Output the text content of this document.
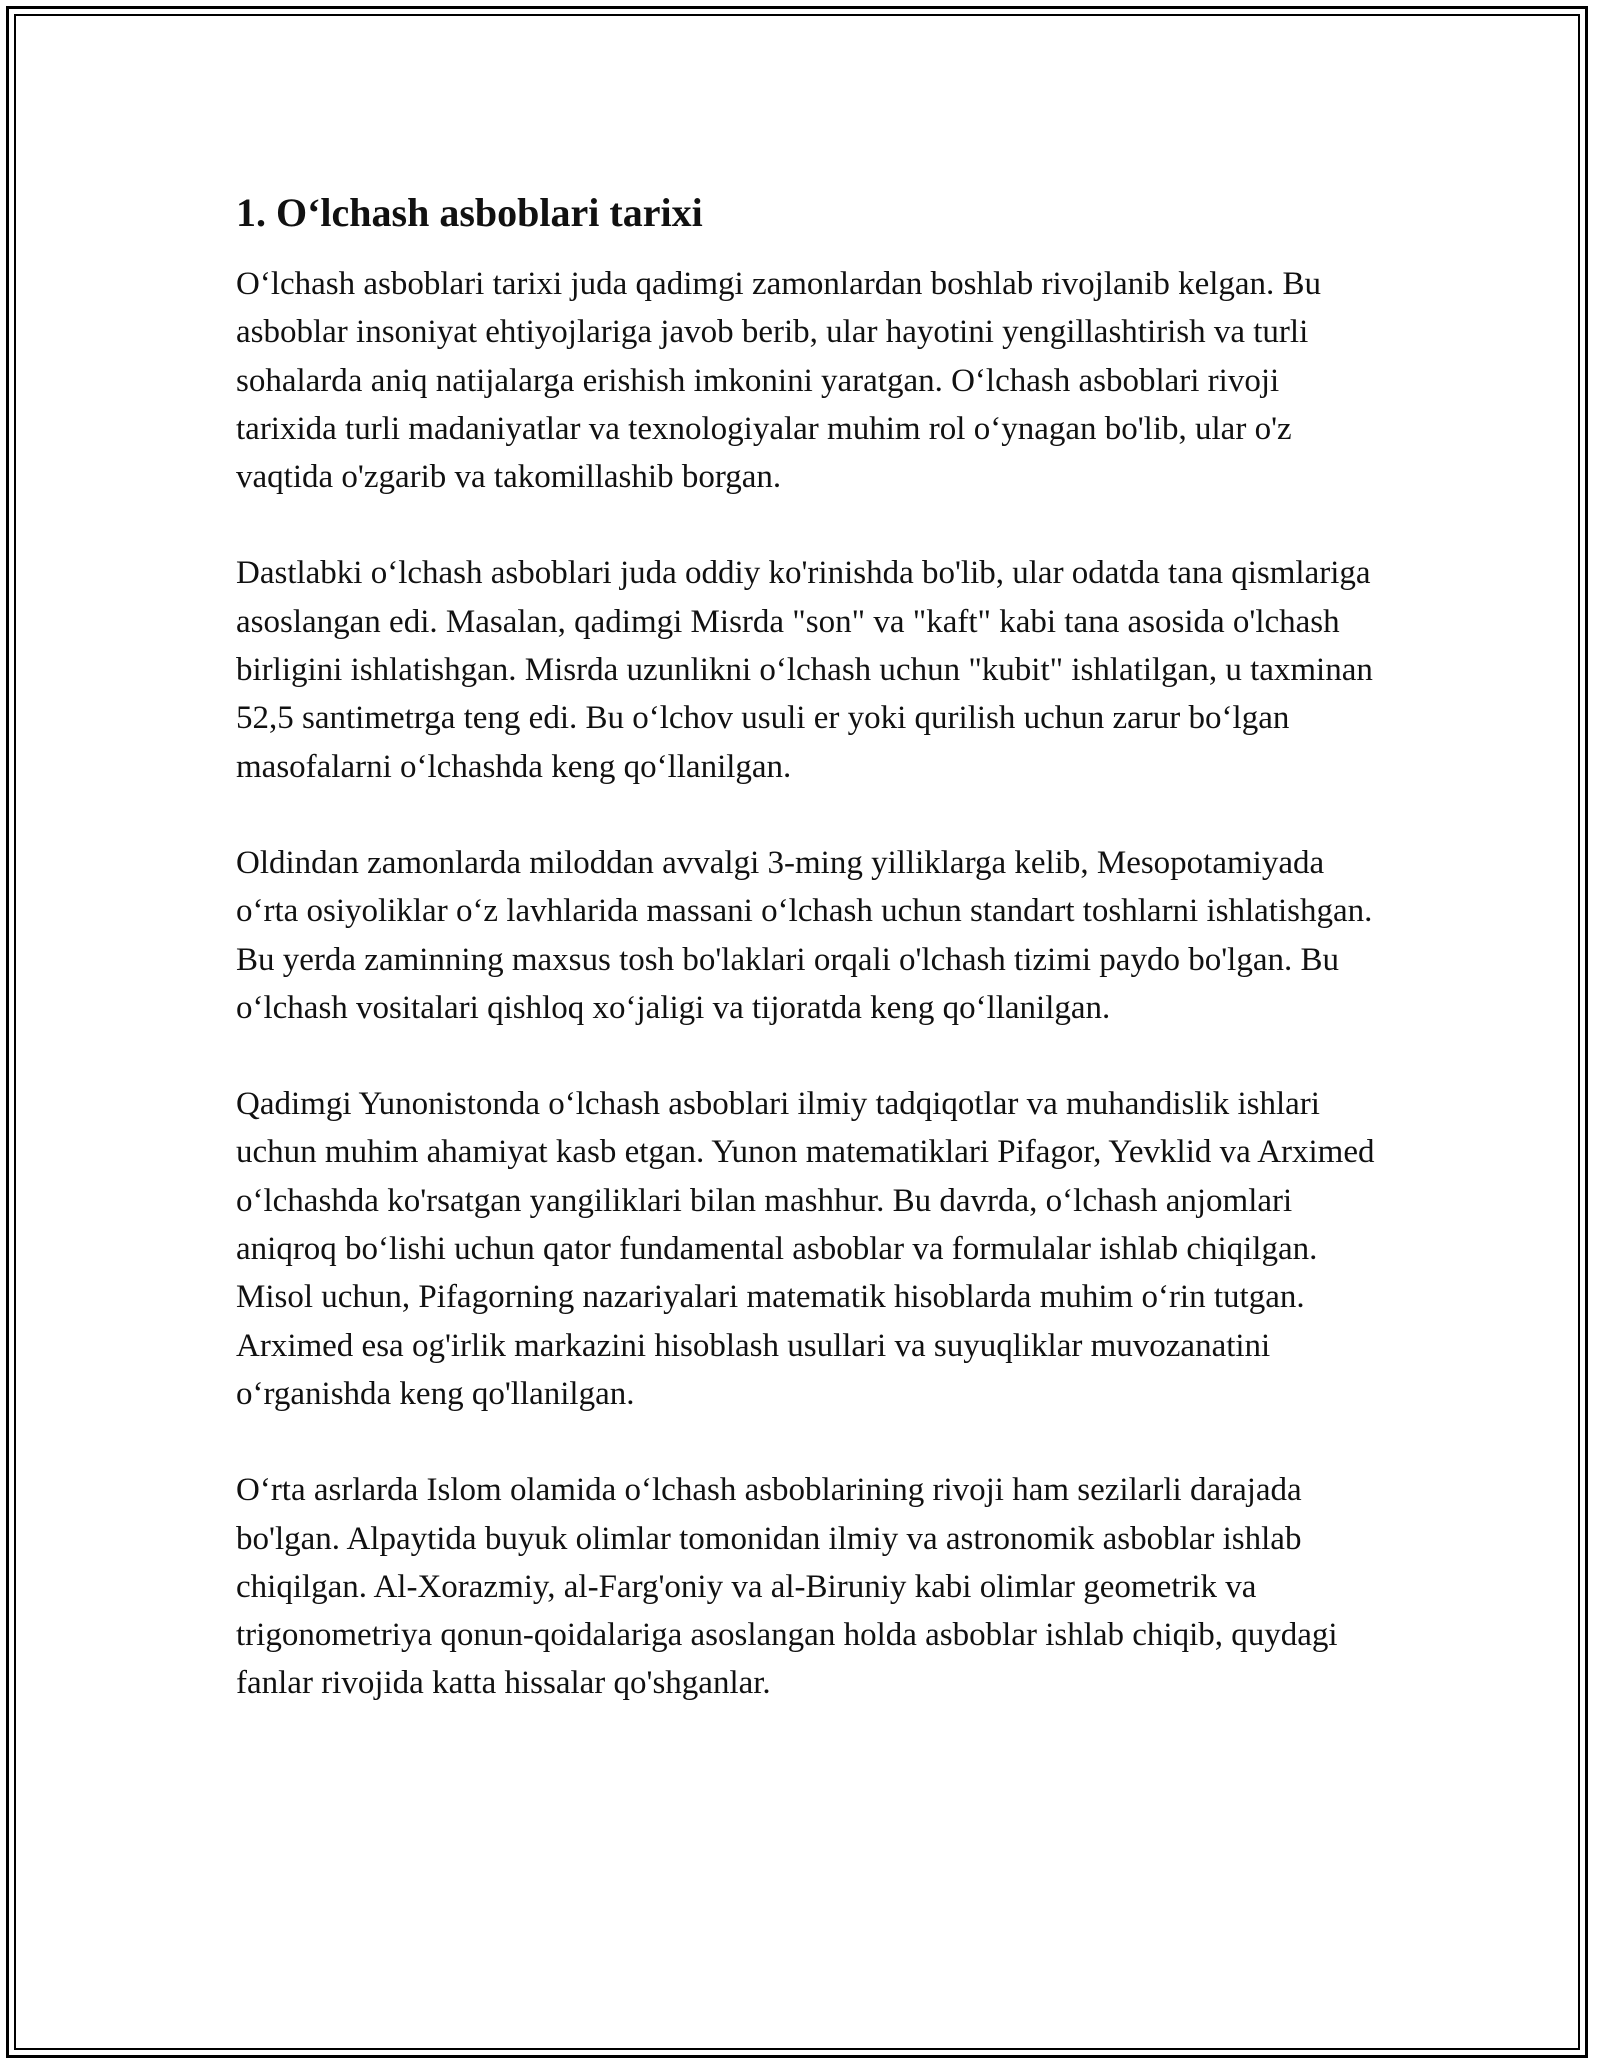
1. O‘lchash asboblari tarixi

O‘lchash asboblari tarixi juda qadimgi zamonlardan boshlab rivojlanib kelgan. Bu asboblar insoniyat ehtiyojlariga javob berib, ular hayotini yengillashtirish va turli sohalarda aniq natijalarga erishish imkonini yaratgan. O‘lchash asboblari rivoji tarixida turli madaniyatlar va texnologiyalar muhim rol o‘ynagan bo'lib, ular o'z vaqtida o'zgarib va takomillashib borgan.

Dastlabki o‘lchash asboblari juda oddiy ko'rinishda bo'lib, ular odatda tana qismlariga asoslangan edi. Masalan, qadimgi Misrda "son" va "kaft" kabi tana asosida o'lchash birligini ishlatishgan. Misrda uzunlikni o‘lchash uchun "kubit" ishlatilgan, u taxminan 52,5 santimetrga teng edi. Bu o‘lchov usuli er yoki qurilish uchun zarur bo‘lgan masofalarni o‘lchashda keng qo‘llanilgan.

Oldindan zamonlarda miloddan avvalgi 3-ming yilliklarga kelib, Mesopotamiyada o‘rta osiyoliklar o‘z lavhlarida massani o‘lchash uchun standart toshlarni ishlatishgan. Bu yerda zaminning maxsus tosh bo'laklari orqali o'lchash tizimi paydo bo'lgan. Bu o‘lchash vositalari qishloq xo‘jaligi va tijoratda keng qo‘llanilgan.

Qadimgi Yunonistonda o‘lchash asboblari ilmiy tadqiqotlar va muhandislik ishlari uchun muhim ahamiyat kasb etgan. Yunon matematiklari Pifagor, Yevklid va Arximed o‘lchashda ko'rsatgan yangiliklari bilan mashhur. Bu davrda, o‘lchash anjomlari aniqroq bo‘lishi uchun qator fundamental asboblar va formulalar ishlab chiqilgan. Misol uchun, Pifagorning nazariyalari matematik hisoblarda muhim o‘rin tutgan. Arximed esa og'irlik markazini hisoblash usullari va suyuqliklar muvozanatini o‘rganishda keng qo'llanilgan.

O‘rta asrlarda Islom olamida o‘lchash asboblarining rivoji ham sezilarli darajada bo'lgan. Alpaytida buyuk olimlar tomonidan ilmiy va astronomik asboblar ishlab chiqilgan. Al-Xorazmiy, al-Farg'oniy va al-Biruniy kabi olimlar geometrik va trigonometriya qonun-qoidalariga asoslangan holda asboblar ishlab chiqib, quydagi fanlar rivojida katta hissalar qo'shganlar.
